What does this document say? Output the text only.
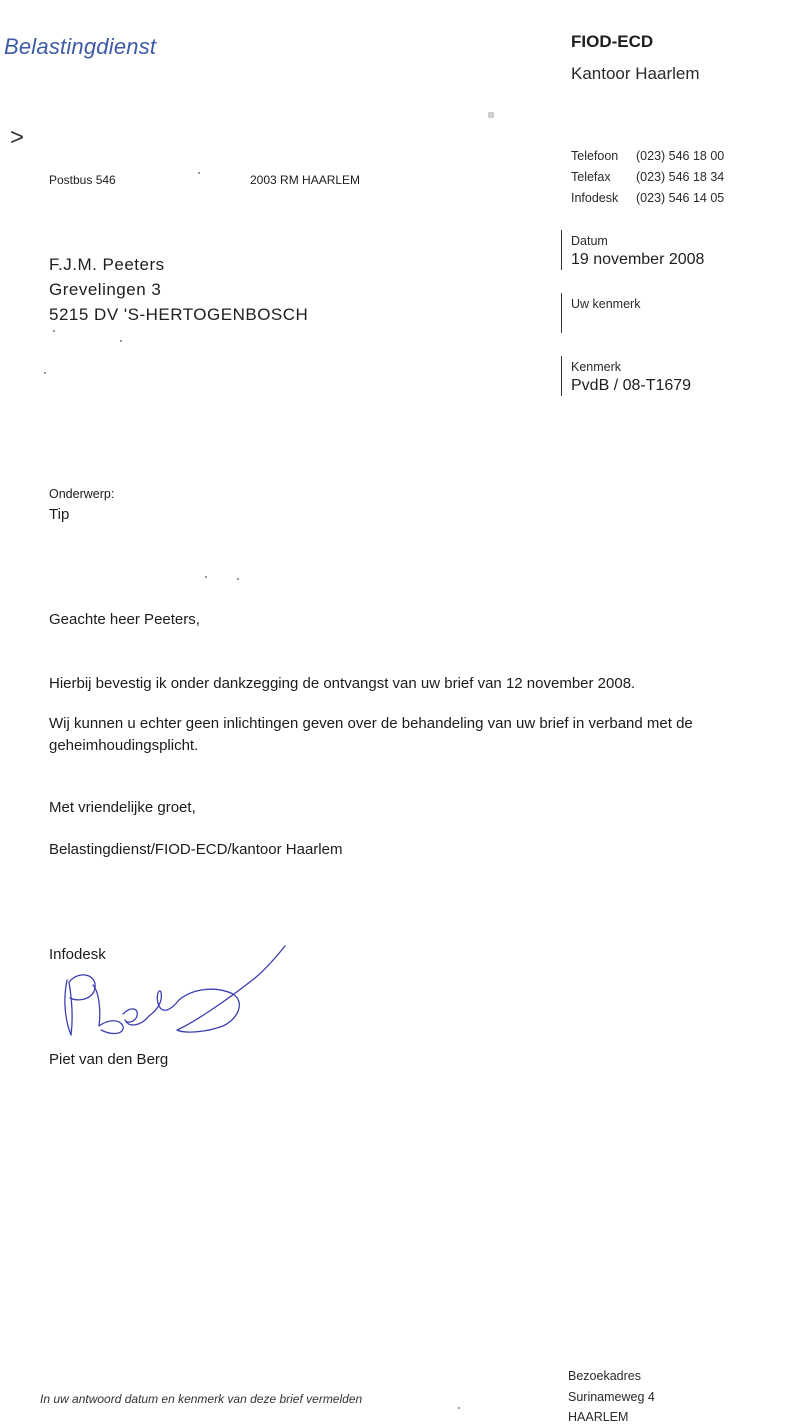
Belastingdienst	FIOD-ECD
Kantoor Haarlem
>
Postbus 546	2003 RM HAARLEM
Telefoon (023) 546 18 00
Telefax (023) 546 18 34
Infodesk (023) 546 14 05
F.J.M. Peeters
Grevelingen 3
5215 DV 'S-HERTOGENBOSCH
Datum
19 november 2008
Uw kenmerk
Kenmerk
PvdB / 08-T1679
Onderwerp:
Tip
Geachte heer Peeters,
Hierbij bevestig ik onder dankzegging de ontvangst van uw brief van 12 november 2008.
Wij kunnen u echter geen inlichtingen geven over de behandeling van uw brief in verband met de
geheimhoudingsplicht.
Met vriendelijke groet,
Belastingdienst/FIOD-ECD/kantoor Haarlem
Infodesk
Piet van den Berg
In uw antwoord datum en kenmerk van deze brief vermelden
Bezoekadres
Surinameweg 4
HAARLEM
